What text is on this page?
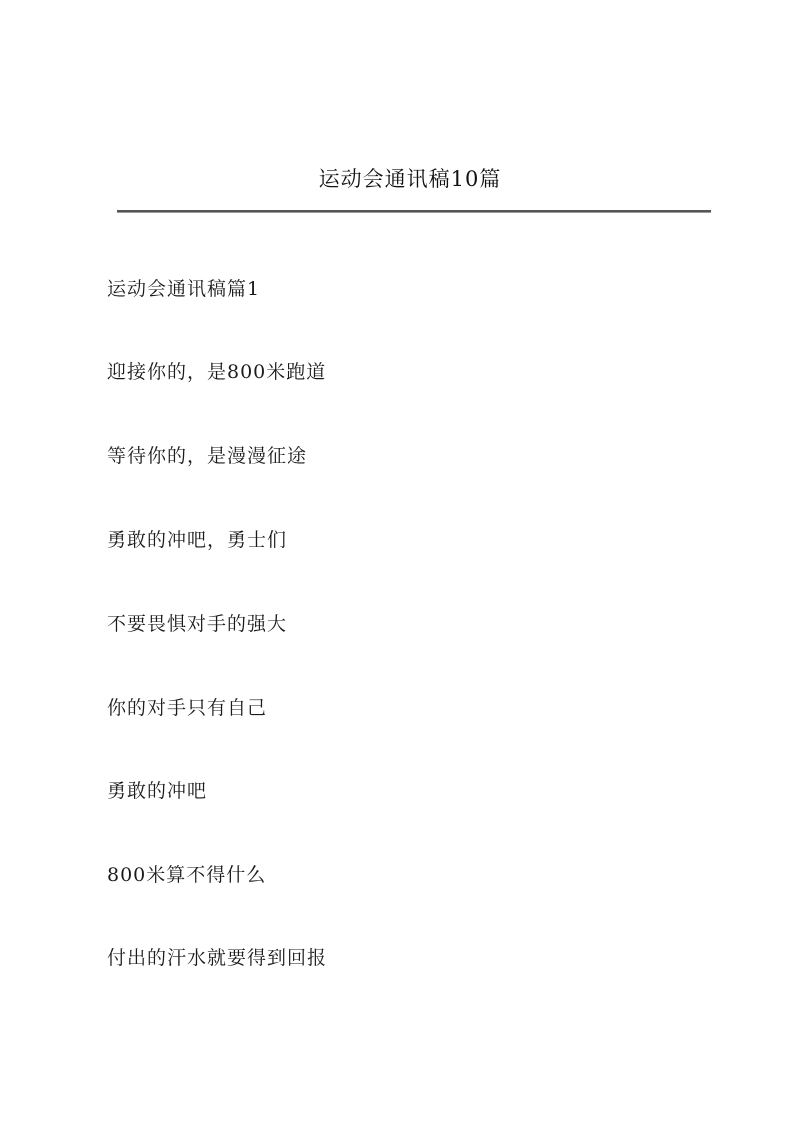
运动会通讯稿10篇
运动会通讯稿篇1
迎接你的，是800米跑道
等待你的，是漫漫征途
勇敢的冲吧，勇士们
不要畏惧对手的强大
你的对手只有自己
勇敢的冲吧
800米算不得什么
付出的汗水就要得到回报
